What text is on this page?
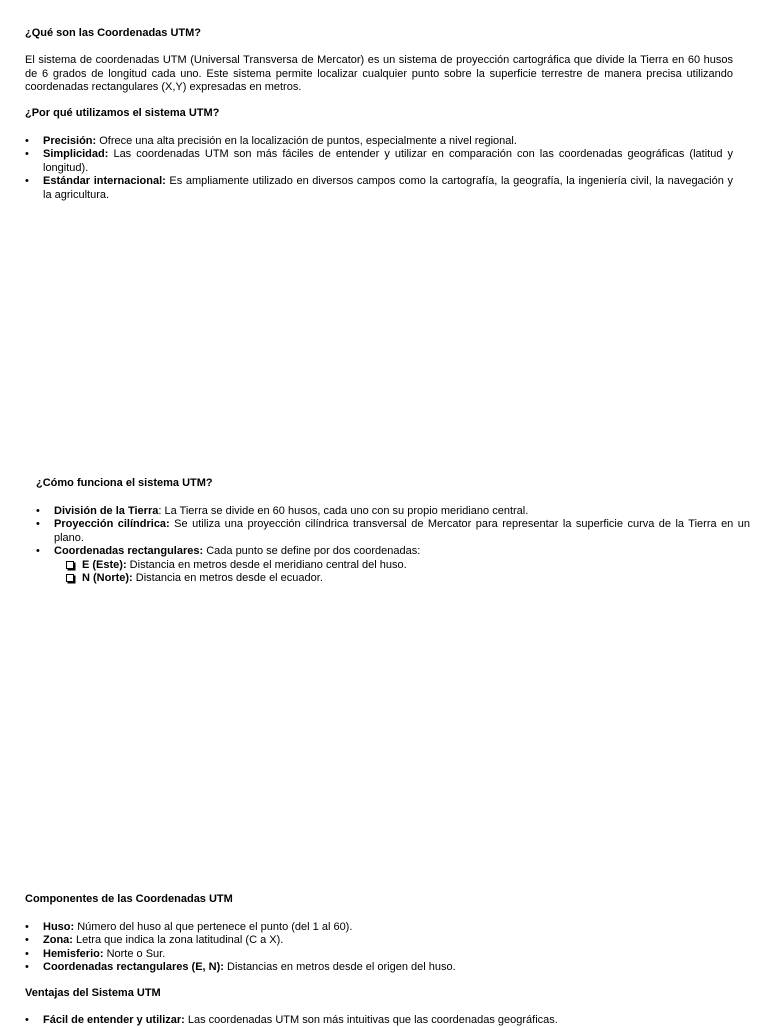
¿Qué son las Coordenadas UTM?

El sistema de coordenadas UTM (Universal Transversa de Mercator) es un sistema de proyección cartográfica que divide la Tierra en 60 husos de 6 grados de longitud cada uno. Este sistema permite localizar cualquier punto sobre la superficie terrestre de manera precisa utilizando coordenadas rectangulares (X,Y) expresadas en metros.

¿Por qué utilizamos el sistema UTM?

• Precisión: Ofrece una alta precisión en la localización de puntos, especialmente a nivel regional.
• Simplicidad: Las coordenadas UTM son más fáciles de entender y utilizar en comparación con las coordenadas geográficas (latitud y longitud).
• Estándar internacional: Es ampliamente utilizado en diversos campos como la cartografía, la geografía, la ingeniería civil, la navegación y la agricultura.

¿Cómo funciona el sistema UTM?

• División de la Tierra: La Tierra se divide en 60 husos, cada uno con su propio meridiano central.
• Proyección cilíndrica: Se utiliza una proyección cilíndrica transversal de Mercator para representar la superficie curva de la Tierra en un plano.
• Coordenadas rectangulares: Cada punto se define por dos coordenadas:
E (Este): Distancia en metros desde el meridiano central del huso.
N (Norte): Distancia en metros desde el ecuador.

Componentes de las Coordenadas UTM

• Huso: Número del huso al que pertenece el punto (del 1 al 60).
• Zona: Letra que indica la zona latitudinal (C a X).
• Hemisferio: Norte o Sur.
• Coordenadas rectangulares (E, N): Distancias en metros desde el origen del huso.

Ventajas del Sistema UTM

• Fácil de entender y utilizar: Las coordenadas UTM son más intuitivas que las coordenadas geográficas.
